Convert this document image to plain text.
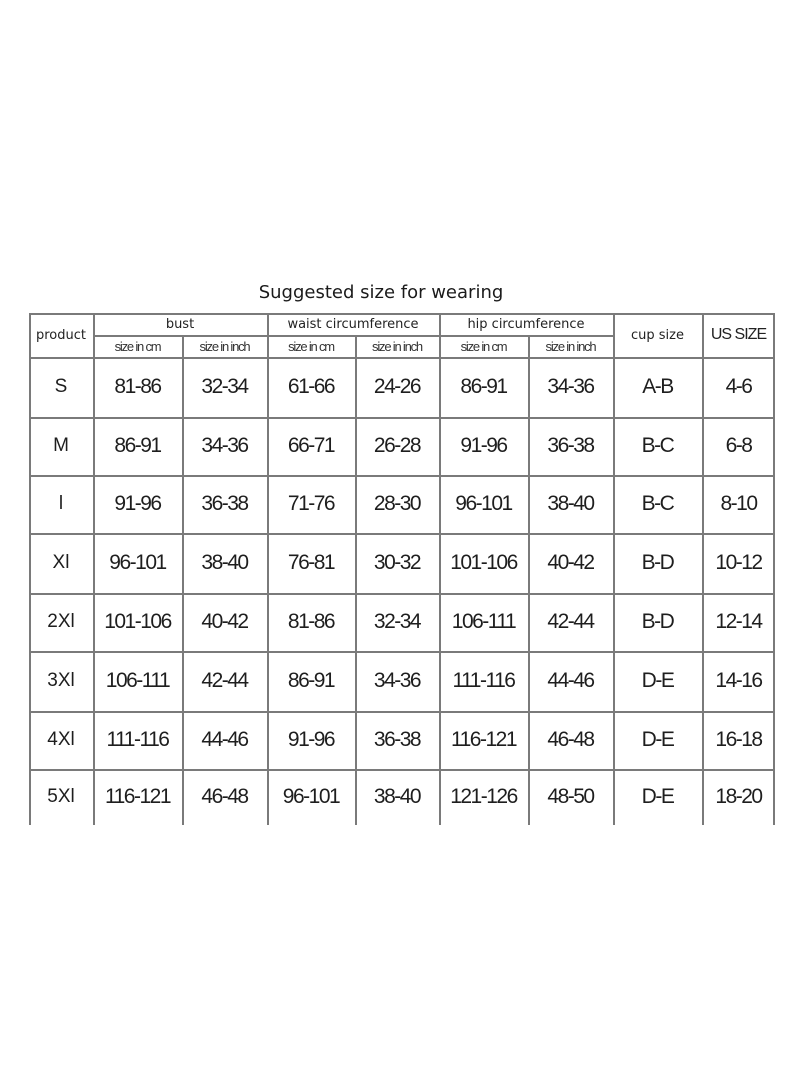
Suggested size for wearing
product
bust	waist circumference	hip circumference
cup size	US SIZE
size in cm	size in inch	size in cm	size in inch	size in cm	size in inch
S	81-86	32-34	61-66	24-26	86-91	34-36	A-B	4-6
M	86-91	34-36	66-71	26-28	91-96	36-38	B-C	6-8
l	91-96	36-38	71-76	28-30	96-101	38-40	B-C	8-10
Xl	96-101	38-40	76-81	30-32	101-106	40-42	B-D	10-12
2Xl	101-106	40-42	81-86	32-34	106-111	42-44	B-D	12-14
3Xl	106-111	42-44	86-91	34-36	111-116	44-46	D-E	14-16
4Xl	111-116	44-46	91-96	36-38	116-121	46-48	D-E	16-18
5Xl	116-121	46-48	96-101	38-40	121-126	48-50	D-E	18-20
